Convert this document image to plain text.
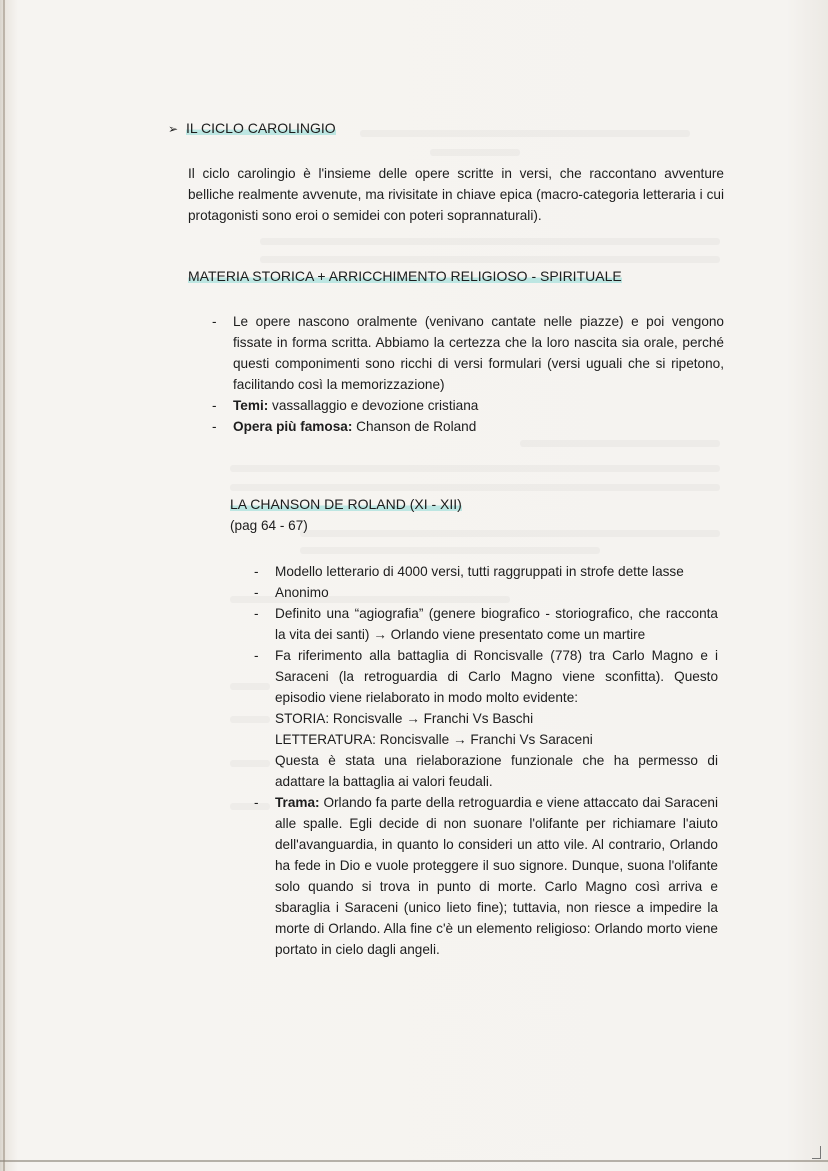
➢ IL CICLO CAROLINGIO
Il ciclo carolingio è l'insieme delle opere scritte in versi, che raccontano avventure belliche realmente avvenute, ma rivisitate in chiave epica (macro-categoria letteraria i cui protagonisti sono eroi o semidei con poteri soprannaturali).
MATERIA STORICA + ARRICCHIMENTO RELIGIOSO - SPIRITUALE
- Le opere nascono oralmente (venivano cantate nelle piazze) e poi vengono fissate in forma scritta. Abbiamo la certezza che la loro nascita sia orale, perché questi componimenti sono ricchi di versi formulari (versi uguali che si ripetono, facilitando così la memorizzazione)
- Temi: vassallaggio e devozione cristiana
- Opera più famosa: Chanson de Roland
LA CHANSON DE ROLAND (XI - XII)
(pag 64 - 67)
- Modello letterario di 4000 versi, tutti raggruppati in strofe dette lasse
- Anonimo
- Definito una “agiografia” (genere biografico - storiografico, che racconta la vita dei santi) → Orlando viene presentato come un martire
- Fa riferimento alla battaglia di Roncisvalle (778) tra Carlo Magno e i Saraceni (la retroguardia di Carlo Magno viene sconfitta). Questo episodio viene rielaborato in modo molto evidente:
STORIA: Roncisvalle → Franchi Vs Baschi
LETTERATURA: Roncisvalle → Franchi Vs Saraceni
Questa è stata una rielaborazione funzionale che ha permesso di adattare la battaglia ai valori feudali.
- Trama: Orlando fa parte della retroguardia e viene attaccato dai Saraceni alle spalle. Egli decide di non suonare l'olifante per richiamare l'aiuto dell'avanguardia, in quanto lo consideri un atto vile. Al contrario, Orlando ha fede in Dio e vuole proteggere il suo signore. Dunque, suona l'olifante solo quando si trova in punto di morte. Carlo Magno così arriva e sbaraglia i Saraceni (unico lieto fine); tuttavia, non riesce a impedire la morte di Orlando. Alla fine c'è un elemento religioso: Orlando morto viene portato in cielo dagli angeli.
